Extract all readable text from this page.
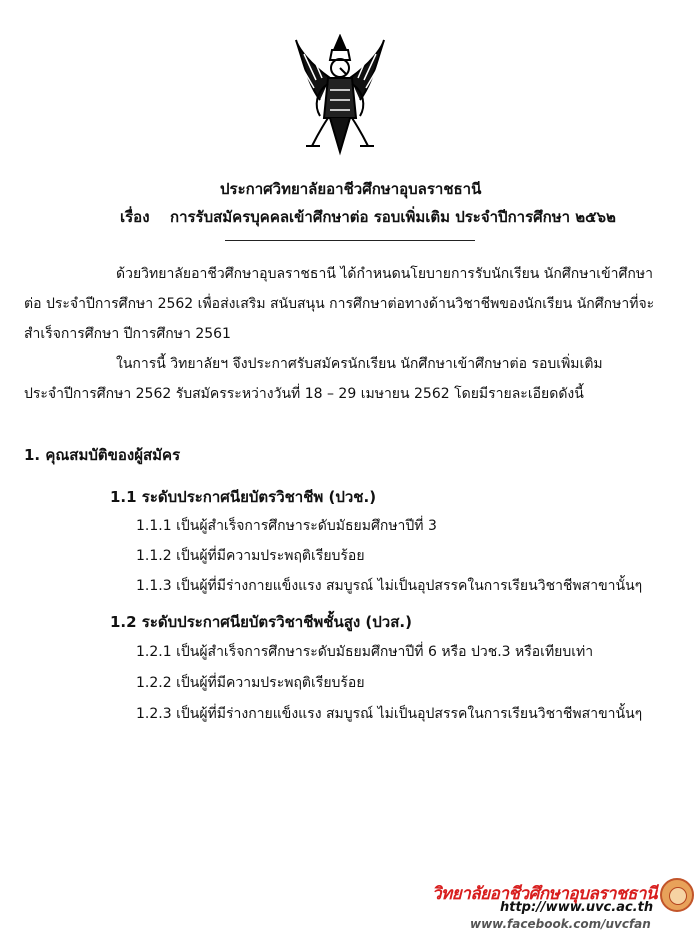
ประกาศวิทยาลัยอาชีวศึกษาอุบลราชธานี
เรื่อง การรับสมัครบุคคลเข้าศึกษาต่อ รอบเพิ่มเติม ประจำปีการศึกษา ๒๕๖๒
ด้วยวิทยาลัยอาชีวศึกษาอุบลราชธานี ได้กำหนดนโยบายการรับนักเรียน นักศึกษาเข้าศึกษา
ต่อ ประจำปีการศึกษา 2562 เพื่อส่งเสริม สนับสนุน การศึกษาต่อทางด้านวิชาชีพของนักเรียน นักศึกษาที่จะ
สำเร็จการศึกษา ปีการศึกษา 2561
ในการนี้ วิทยาลัยฯ จึงประกาศรับสมัครนักเรียน นักศึกษาเข้าศึกษาต่อ รอบเพิ่มเติม
ประจำปีการศึกษา 2562 รับสมัครระหว่างวันที่ 18 – 29 เมษายน 2562 โดยมีรายละเอียดดังนี้
1. คุณสมบัติของผู้สมัคร
1.1 ระดับประกาศนียบัตรวิชาชีพ (ปวช.)
1.1.1 เป็นผู้สำเร็จการศึกษาระดับมัธยมศึกษาปีที่ 3
1.1.2 เป็นผู้ที่มีความประพฤติเรียบร้อย
1.1.3 เป็นผู้ที่มีร่างกายแข็งแรง สมบูรณ์ ไม่เป็นอุปสรรคในการเรียนวิชาชีพสาขานั้นๆ
1.2 ระดับประกาศนียบัตรวิชาชีพชั้นสูง (ปวส.)
1.2.1 เป็นผู้สำเร็จการศึกษาระดับมัธยมศึกษาปีที่ 6 หรือ ปวช.3 หรือเทียบเท่า
1.2.2 เป็นผู้ที่มีความประพฤติเรียบร้อย
1.2.3 เป็นผู้ที่มีร่างกายแข็งแรง สมบูรณ์ ไม่เป็นอุปสรรคในการเรียนวิชาชีพสาขานั้นๆ
วิทยาลัยอาชีวศึกษาอุบลราชธานี
http://www.uvc.ac.th
www.facebook.com/uvcfan
